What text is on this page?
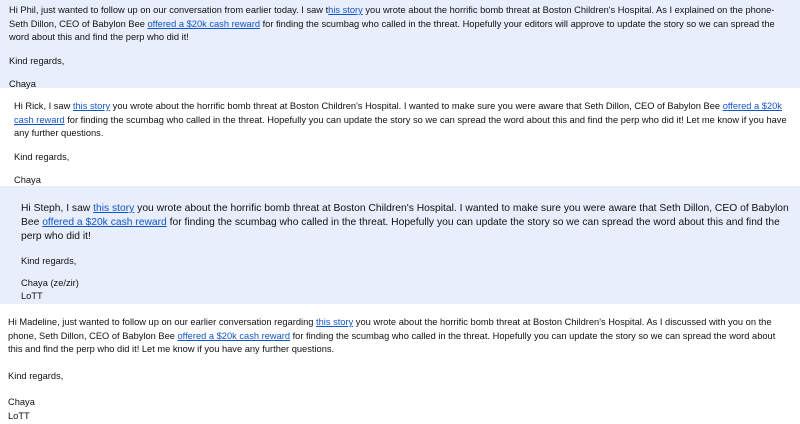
Hi Phil, just wanted to follow up on our conversation from earlier today. I saw this story you wrote about the horrific bomb threat at Boston Children's Hospital. As I explained on the phone- Seth Dillon, CEO of Babylon Bee offered a $20k cash reward for finding the scumbag who called in the threat. Hopefully your editors will approve to update the story so we can spread the word about this and find the perp who did it!

Kind regards,

Chaya

Hi Rick, I saw this story you wrote about the horrific bomb threat at Boston Children's Hospital. I wanted to make sure you were aware that Seth Dillon, CEO of Babylon Bee offered a $20k cash reward for finding the scumbag who called in the threat. Hopefully you can update the story so we can spread the word about this and find the perp who did it! Let me know if you have any further questions.

Kind regards,

Chaya

Hi Steph, I saw this story you wrote about the horrific bomb threat at Boston Children's Hospital. I wanted to make sure you were aware that Seth Dillon, CEO of Babylon Bee offered a $20k cash reward for finding the scumbag who called in the threat. Hopefully you can update the story so we can spread the word about this and find the perp who did it!

Kind regards,

Chaya (ze/zir)

LoTT

Hi Madeline, just wanted to follow up on our earlier conversation regarding this story you wrote about the horrific bomb threat at Boston Children's Hospital. As I discussed with you on the phone, Seth Dillon, CEO of Babylon Bee offered a $20k cash reward for finding the scumbag who called in the threat. Hopefully you can update the story so we can spread the word about this and find the perp who did it! Let me know if you have any further questions.

Kind regards,

Chaya

LoTT
